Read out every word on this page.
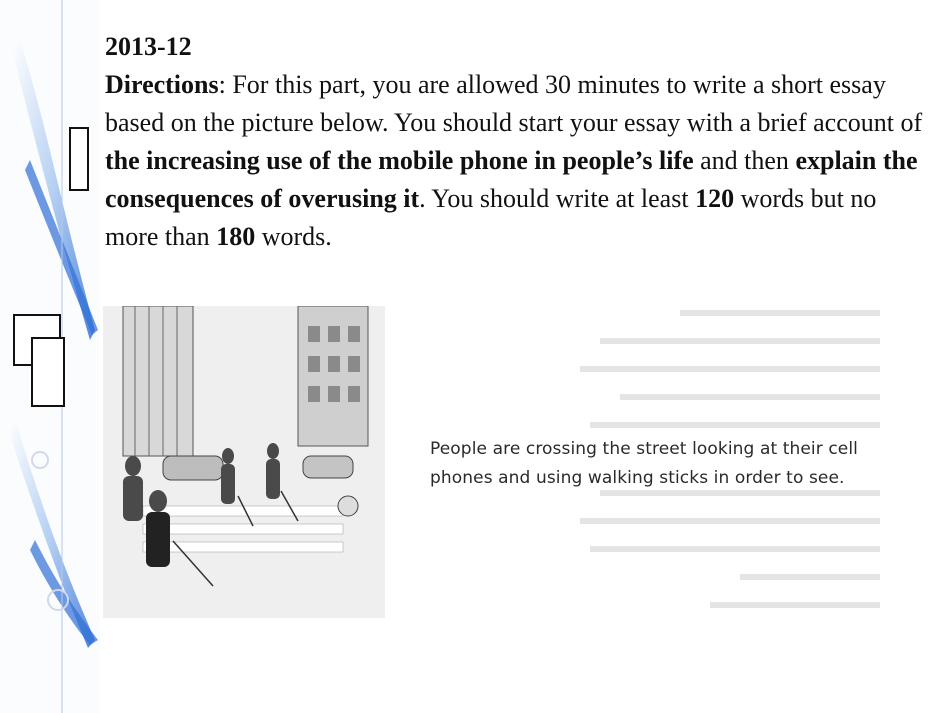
2013-12
Directions: For this part, you are allowed 30 minutes to write a short essay based on the picture below. You should start your essay with a brief account of the increasing use of the mobile phone in people’s life and then explain the consequences of overusing it. You should write at least 120 words but no more than 180 words.
People are crossing the street looking at their cell phones and using walking sticks in order to see.
